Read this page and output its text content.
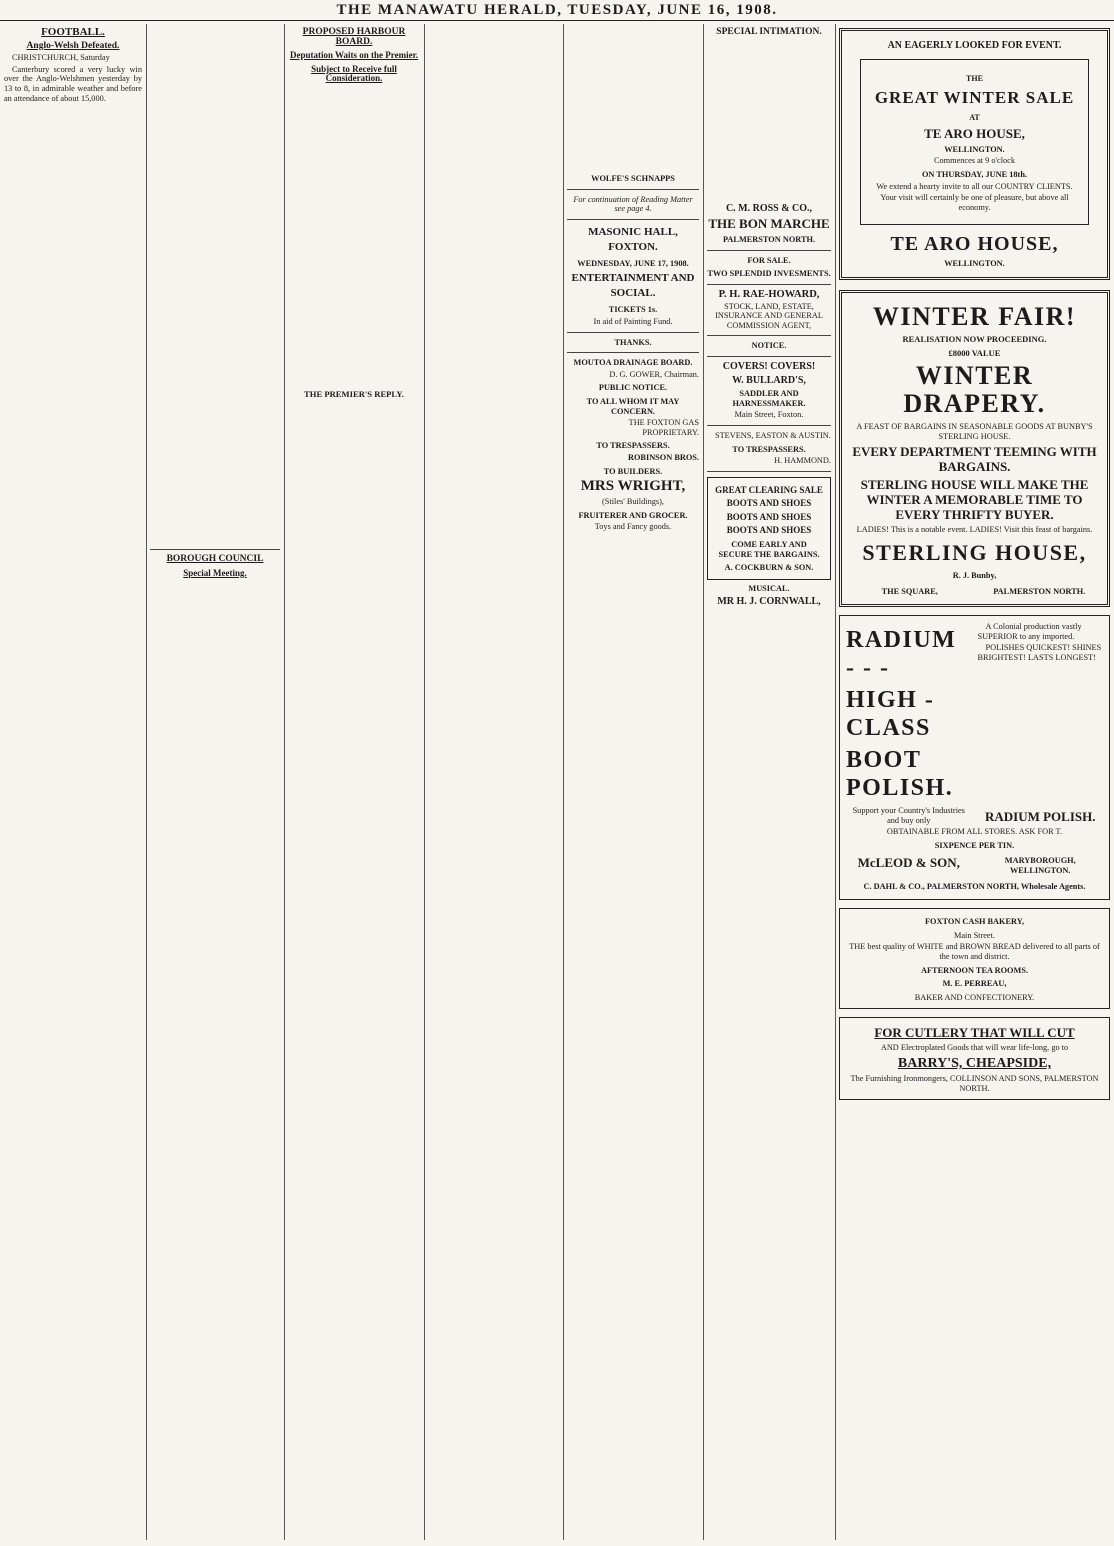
THE MANAWATU HERALD, TUESDAY, JUNE 16, 1908.
FOOTBALL.
Anglo-Welsh Defeated.

CHRISTCHURCH, Saturday

Canterbury scored a very lucky win over the Anglo-Welshmen yesterday by 13 to 8, in admirable weather and before an attendance of about 15,000.

BOROUGH COUNCIL
Special Meeting.
PROPOSED HARBOUR BOARD.
Deputation Waits on the Premier.
Subject to Receive full Consideration.
THE PREMIER'S REPLY.

WOLFE'S SCHNAPPS

For continuation of Reading Matter see page 4.

MASONIC HALL, FOXTON.
WEDNESDAY, JUNE 17, 1908.
ENTERTAINMENT AND SOCIAL.
TICKETS 1s.

In aid of Painting Fund.

THANKS.
MOUTOA DRAINAGE BOARD.

D. G. GOWER, Chairman.

PUBLIC NOTICE.
TO ALL WHOM IT MAY CONCERN.

THE FOXTON GAS PROPRIETARY.

TO TRESPASSERS.

ROBINSON BROS.

TO BUILDERS.
MRS WRIGHT,

(Stiles' Buildings),

FRUITERER AND GROCER.

Toys and Fancy goods.

SPECIAL INTIMATION.
C. M. ROSS & CO.,
THE BON MARCHE
PALMERSTON NORTH.
FOR SALE.
TWO SPLENDID INVESMENTS.
P. H. RAE-HOWARD,

STOCK, LAND, ESTATE, INSURANCE AND GENERAL COMMISSION AGENT,

NOTICE.
COVERS! COVERS!
W. BULLARD'S,
SADDLER AND HARNESSMAKER.

Main Street, Foxton.

STEVENS, EASTON & AUSTIN.

TO TRESPASSERS.

H. HAMMOND.

GREAT CLEARING SALE
BOOTS AND SHOES
BOOTS AND SHOES
BOOTS AND SHOES
COME EARLY AND SECURE THE BARGAINS.
A. COCKBURN & SON.
MUSICAL.
MR H. J. CORNWALL,
AN EAGERLY LOOKED FOR EVENT.
THE
GREAT WINTER SALE
AT
TE ARO HOUSE,
WELLINGTON.

Commences at 9 o'clock

ON THURSDAY, JUNE 18th.

We extend a hearty invite to all our COUNTRY CLIENTS.

Your visit will certainly be one of pleasure, but above all economy.

TE ARO HOUSE,
WELLINGTON.
WINTER FAIR!
REALISATION NOW PROCEEDING.
£8000 VALUE
WINTER DRAPERY.

A FEAST OF BARGAINS IN SEASONABLE GOODS AT BUNBY'S STERLING HOUSE.

EVERY DEPARTMENT TEEMING WITH BARGAINS.
STERLING HOUSE WILL MAKE THE WINTER A MEMORABLE TIME TO EVERY THRIFTY BUYER.

LADIES! This is a notable event. LADIES! Visit this feast of bargains.

STERLING HOUSE,
R. J. Bunby,
THE SQUARE,	PALMERSTON NORTH.
RADIUM - - -
HIGH - CLASS
BOOT POLISH.

A Colonial production vastly SUPERIOR to any imported.

POLISHES QUICKEST! SHINES BRIGHTEST! LASTS LONGEST!

Support your Country's Industries and buy only	RADIUM POLISH.

OBTAINABLE FROM ALL STORES. ASK FOR T.

SIXPENCE PER TIN.
McLEOD & SON,	MARYBOROUGH, WELLINGTON.
C. DAHL & CO., PALMERSTON NORTH, Wholesale Agents.
FOXTON CASH BAKERY,
Main Street.

THE best quality of WHITE and BROWN BREAD delivered to all parts of the town and district.

AFTERNOON TEA ROOMS.
M. E. PERREAU,
BAKER AND CONFECTIONERY.
FOR CUTLERY THAT WILL CUT

AND Electroplated Goods that will wear life-long, go to

BARRY'S, CHEAPSIDE,

The Furnishing Ironmongers, COLLINSON AND SONS, PALMERSTON NORTH.
